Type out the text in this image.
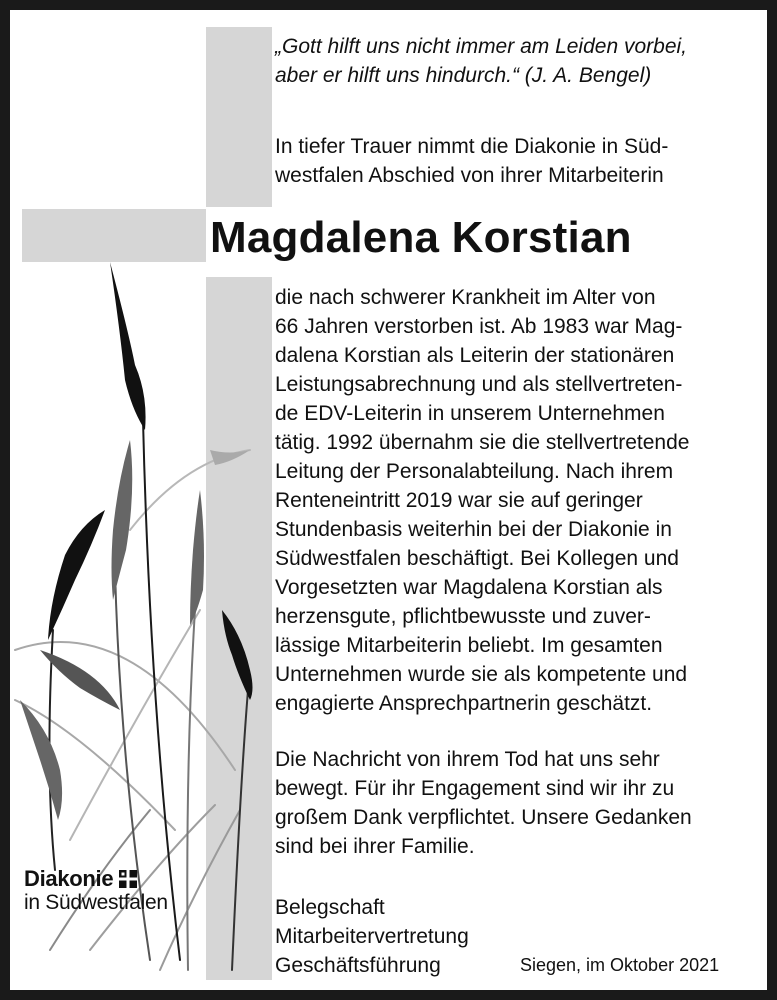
„Gott hilft uns nicht immer am Leiden vorbei,
aber er hilft uns hindurch.“ (J. A. Bengel)

In tiefer Trauer nimmt die Diakonie in Süd-
westfalen Abschied von ihrer Mitarbeiterin

Magdalena Korstian

die nach schwerer Krankheit im Alter von
66 Jahren verstorben ist. Ab 1983 war Mag-
dalena Korstian als Leiterin der stationären
Leistungsabrechnung und als stellvertreten-
de EDV-Leiterin in unserem Unternehmen
tätig. 1992 übernahm sie die stellvertretende
Leitung der Personalabteilung. Nach ihrem
Renteneintritt 2019 war sie auf geringer
Stundenbasis weiterhin bei der Diakonie in
Südwestfalen beschäftigt. Bei Kollegen und
Vorgesetzten war Magdalena Korstian als
herzensgute, pflichtbewusste und zuver-
lässige Mitarbeiterin beliebt. Im gesamten
Unternehmen wurde sie als kompetente und
engagierte Ansprechpartnerin geschätzt.

Die Nachricht von ihrem Tod hat uns sehr
bewegt. Für ihr Engagement sind wir ihr zu
großem Dank verpflichtet. Unsere Gedanken
sind bei ihrer Familie.

Belegschaft
Mitarbeitervertretung
Geschäftsführung	Siegen, im Oktober 2021
Diakonie
in Südwestfalen
